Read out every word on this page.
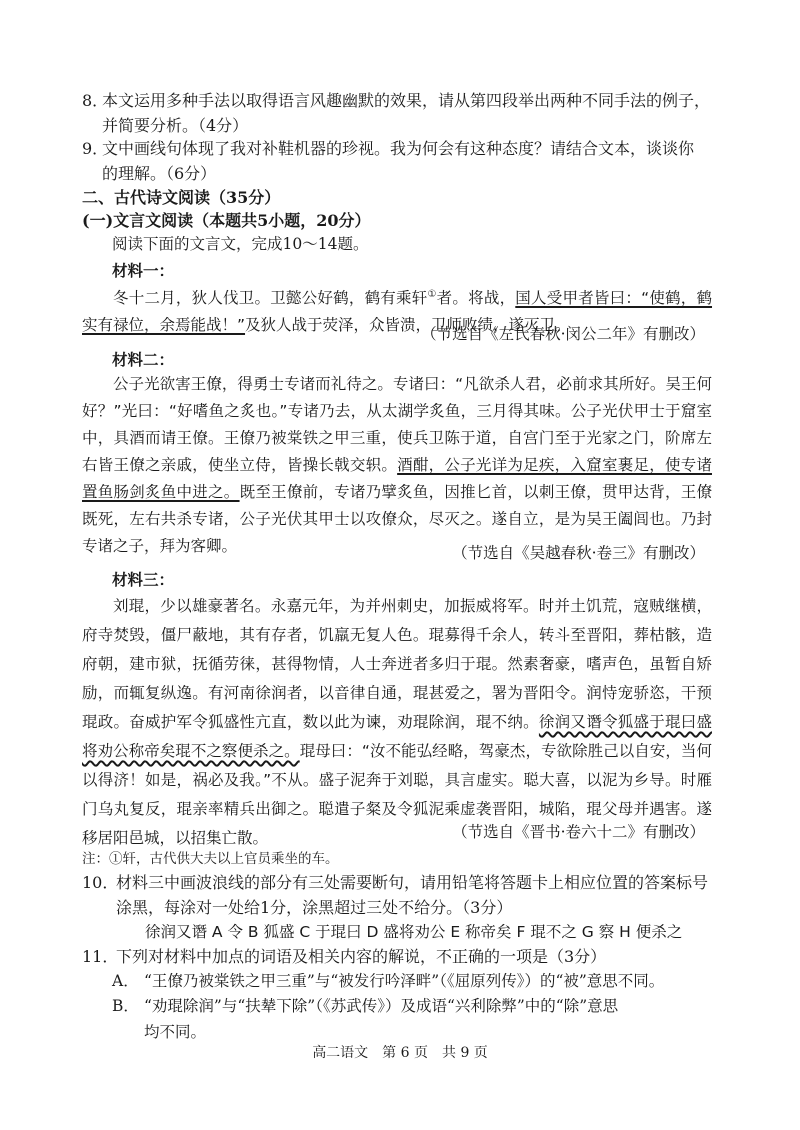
8．本文运用多种手法以取得语言风趣幽默的效果，请从第四段举出两种不同手法的例子，
并简要分析。（4分）

9．文中画线句体现了我对补鞋机器的珍视。我为何会有这种态度？请结合文本，谈谈你
的理解。（6分）

二、古代诗文阅读（35分）

(一)文言文阅读（本题共5小题，20分）

阅读下面的文言文，完成10～14题。

材料一：

冬十二月，狄人伐卫。卫懿公好鹤，鹤有乘轩①者。将战，国人受甲者皆曰：“使鹤，鹤实有禄位，余焉能战！”及狄人战于荧泽，众皆溃，卫师败绩，遂灭卫。

（节选自《左氏春秋·闵公二年》有删改）

材料二：

公子光欲害王僚，得勇士专诸而礼待之。专诸曰：“凡欲杀人君，必前求其所好。吴王何好？”光曰：“好嗜鱼之炙也。”专诸乃去，从太湖学炙鱼，三月得其味。公子光伏甲士于窟室中，具酒而请王僚。王僚乃被棠铁之甲三重，使兵卫陈于道，自宫门至于光家之门，阶席左右皆王僚之亲戚，使坐立侍，皆操长戟交轵。酒酣，公子光详为足疾，入窟室裹足，使专诸置鱼肠剑炙鱼中进之。既至王僚前，专诸乃擘炙鱼，因推匕首，以刺王僚，贯甲达背，王僚既死，左右共杀专诸，公子光伏其甲士以攻僚众，尽灭之。遂自立，是为吴王阖闾也。乃封专诸之子，拜为客卿。	（节选自《吴越春秋·卷三》有删改）

材料三：

刘琨，少以雄豪著名。永嘉元年，为并州刺史，加振威将军。时并土饥荒，寇贼继横，府寺焚毁，僵尸蔽地，其有存者，饥羸无复人色。琨募得千余人，转斗至晋阳，葬枯骸，造府朝，建市狱，抚循劳徕，甚得物情，人士奔迸者多归于琨。然素奢豪，嗜声色，虽暂自矫励，而辄复纵逸。有河南徐润者，以音律自通，琨甚爱之，署为晋阳令。润恃宠骄恣，干预琨政。奋威护军令狐盛性亢直，数以此为谏，劝琨除润，琨不纳。徐润又谮令狐盛于琨曰盛将劝公称帝矣琨不之察便杀之。琨母曰：“汝不能弘经略，驾豪杰，专欲除胜己以自安，当何以得济！如是，祸必及我。”不从。盛子泥奔于刘聪，具言虚实。聪大喜，以泥为乡导。时雁门乌丸复反，琨亲率精兵出御之。聪遣子粲及令狐泥乘虚袭晋阳，城陷，琨父母并遇害。遂移居阳邑城，以招集亡散。	（节选自《晋书·卷六十二》有删改）

注：①轩，古代供大夫以上官员乘坐的车。

10．材料三中画波浪线的部分有三处需要断句，请用铅笔将答题卡上相应位置的答案标号
涂黑，每涂对一处给1分，涂黑超过三处不给分。（3分）

徐润又谮 A 令 B 狐盛 C 于琨曰 D 盛将劝公 E 称帝矣 F 琨不之 G 察 H 便杀之

11．下列对材料中加点的词语及相关内容的解说，不正确的一项是（3分）

A． “王僚乃被棠铁之甲三重”与“被发行吟泽畔”（《屈原列传》）的“被”意思不同。

B． “劝琨除润”与“扶辇下除”（《苏武传》）及成语“兴利除弊”中的“除”意思
均不同。

高二语文　第 6 页　共 9 页
